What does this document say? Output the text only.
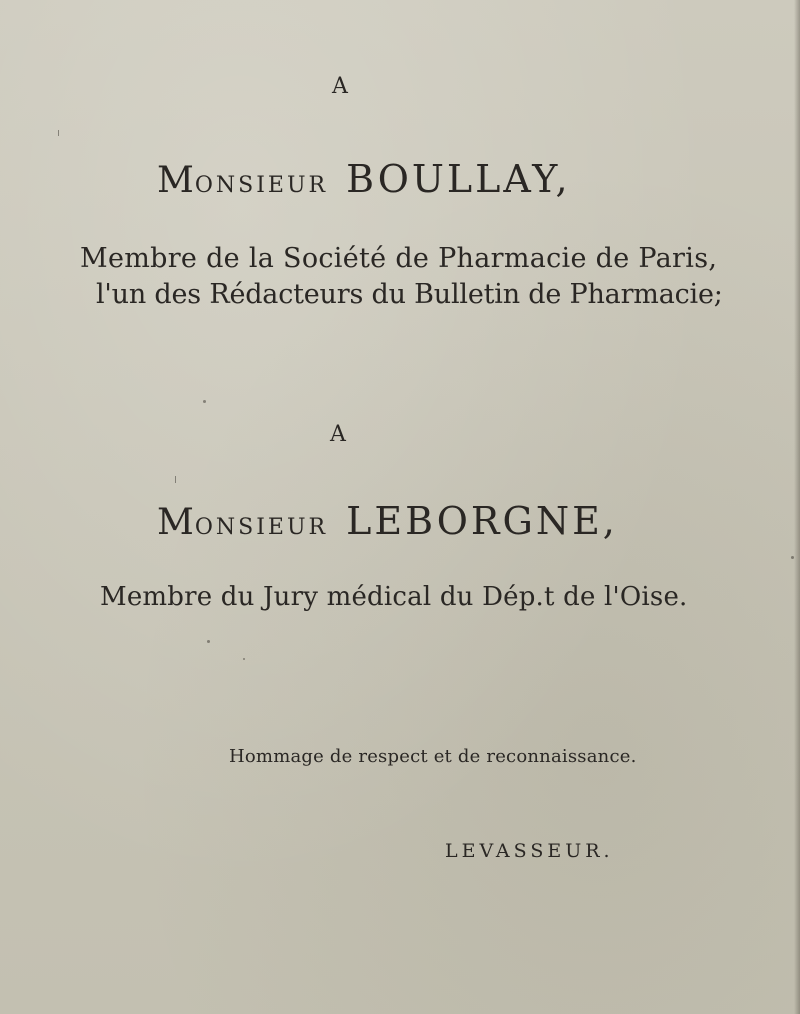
A
MONSIEUR BOULLAY,
Membre de la Société de Pharmacie de Paris,
l'un des Rédacteurs du Bulletin de Pharmacie;
A
MONSIEUR LEBORGNE,
Membre du Jury médical du Dép.t de l'Oise.
Hommage de respect et de reconnaissance.
LEVASSEUR.
